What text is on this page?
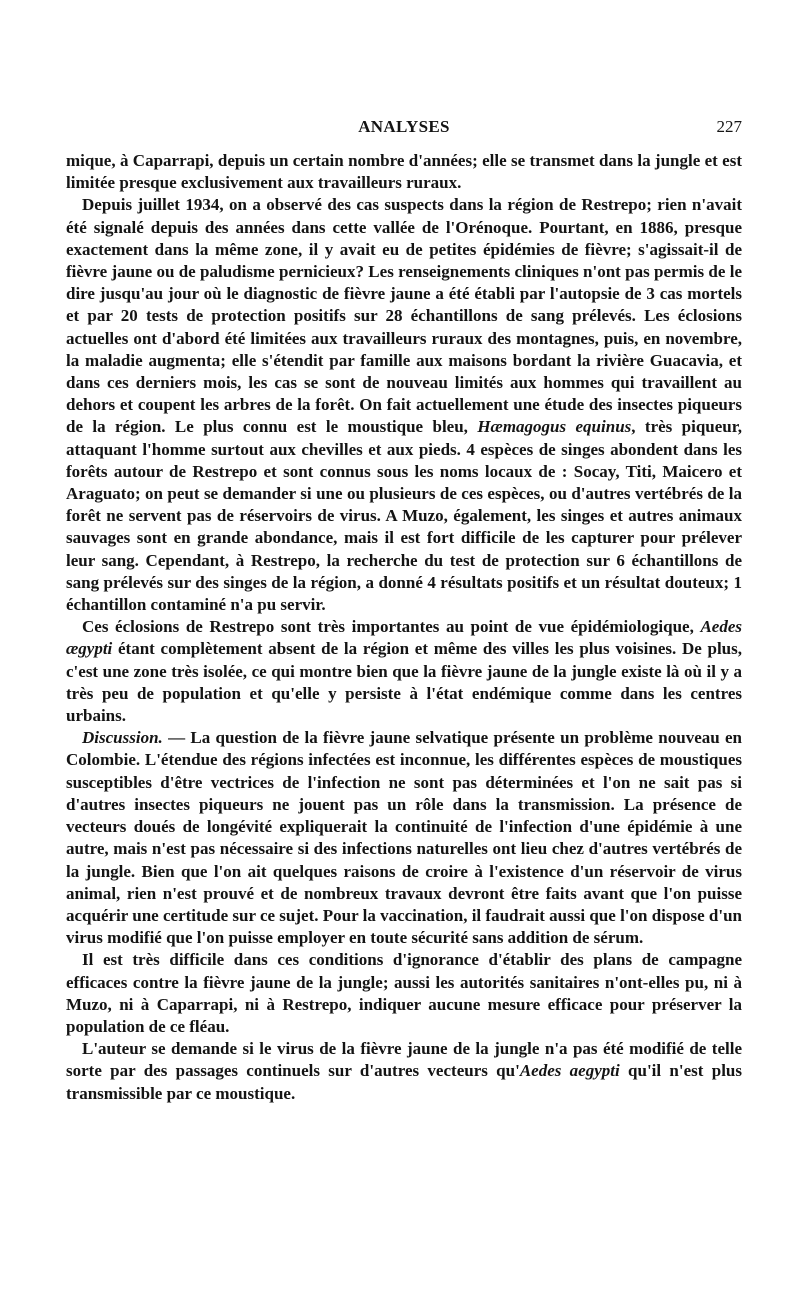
ANALYSES	227

mique, à Caparrapi, depuis un certain nombre d'années; elle se transmet dans la jungle et est limitée presque exclusivement aux travailleurs ruraux.

Depuis juillet 1934, on a observé des cas suspects dans la région de Restrepo; rien n'avait été signalé depuis des années dans cette vallée de l'Orénoque. Pourtant, en 1886, presque exactement dans la même zone, il y avait eu de petites épidémies de fièvre; s'agissait-il de fièvre jaune ou de paludisme pernicieux? Les renseignements cliniques n'ont pas permis de le dire jusqu'au jour où le diagnostic de fièvre jaune a été établi par l'autopsie de 3 cas mortels et par 20 tests de protection positifs sur 28 échantillons de sang prélevés. Les éclosions actuelles ont d'abord été limitées aux travailleurs ruraux des montagnes, puis, en novembre, la maladie augmenta; elle s'étendit par famille aux maisons bordant la rivière Guacavia, et dans ces derniers mois, les cas se sont de nouveau limités aux hommes qui travaillent au dehors et coupent les arbres de la forêt. On fait actuellement une étude des insectes piqueurs de la région. Le plus connu est le moustique bleu, Hæmagogus equinus, très piqueur, attaquant l'homme surtout aux chevilles et aux pieds. 4 espèces de singes abondent dans les forêts autour de Restrepo et sont connus sous les noms locaux de : Socay, Titi, Maicero et Araguato; on peut se demander si une ou plusieurs de ces espèces, ou d'autres vertébrés de la forêt ne servent pas de réservoirs de virus. A Muzo, également, les singes et autres animaux sauvages sont en grande abondance, mais il est fort difficile de les capturer pour prélever leur sang. Cependant, à Restrepo, la recherche du test de protection sur 6 échantillons de sang prélevés sur des singes de la région, a donné 4 résultats positifs et un résultat douteux; 1 échantillon contaminé n'a pu servir.

Ces éclosions de Restrepo sont très importantes au point de vue épidémiologique, Aedes ægypti étant complètement absent de la région et même des villes les plus voisines. De plus, c'est une zone très isolée, ce qui montre bien que la fièvre jaune de la jungle existe là où il y a très peu de population et qu'elle y persiste à l'état endémique comme dans les centres urbains.

Discussion. — La question de la fièvre jaune selvatique présente un problème nouveau en Colombie. L'étendue des régions infectées est inconnue, les différentes espèces de moustiques susceptibles d'être vectrices de l'infection ne sont pas déterminées et l'on ne sait pas si d'autres insectes piqueurs ne jouent pas un rôle dans la transmission. La présence de vecteurs doués de longévité expliquerait la continuité de l'infection d'une épidémie à une autre, mais n'est pas nécessaire si des infections naturelles ont lieu chez d'autres vertébrés de la jungle. Bien que l'on ait quelques raisons de croire à l'existence d'un réservoir de virus animal, rien n'est prouvé et de nombreux travaux devront être faits avant que l'on puisse acquérir une certitude sur ce sujet. Pour la vaccination, il faudrait aussi que l'on dispose d'un virus modifié que l'on puisse employer en toute sécurité sans addition de sérum.

Il est très difficile dans ces conditions d'ignorance d'établir des plans de campagne efficaces contre la fièvre jaune de la jungle; aussi les autorités sanitaires n'ont-elles pu, ni à Muzo, ni à Caparrapi, ni à Restrepo, indiquer aucune mesure efficace pour préserver la population de ce fléau.

L'auteur se demande si le virus de la fièvre jaune de la jungle n'a pas été modifié de telle sorte par des passages continuels sur d'autres vecteurs qu'Aedes aegypti qu'il n'est plus transmissible par ce moustique.
